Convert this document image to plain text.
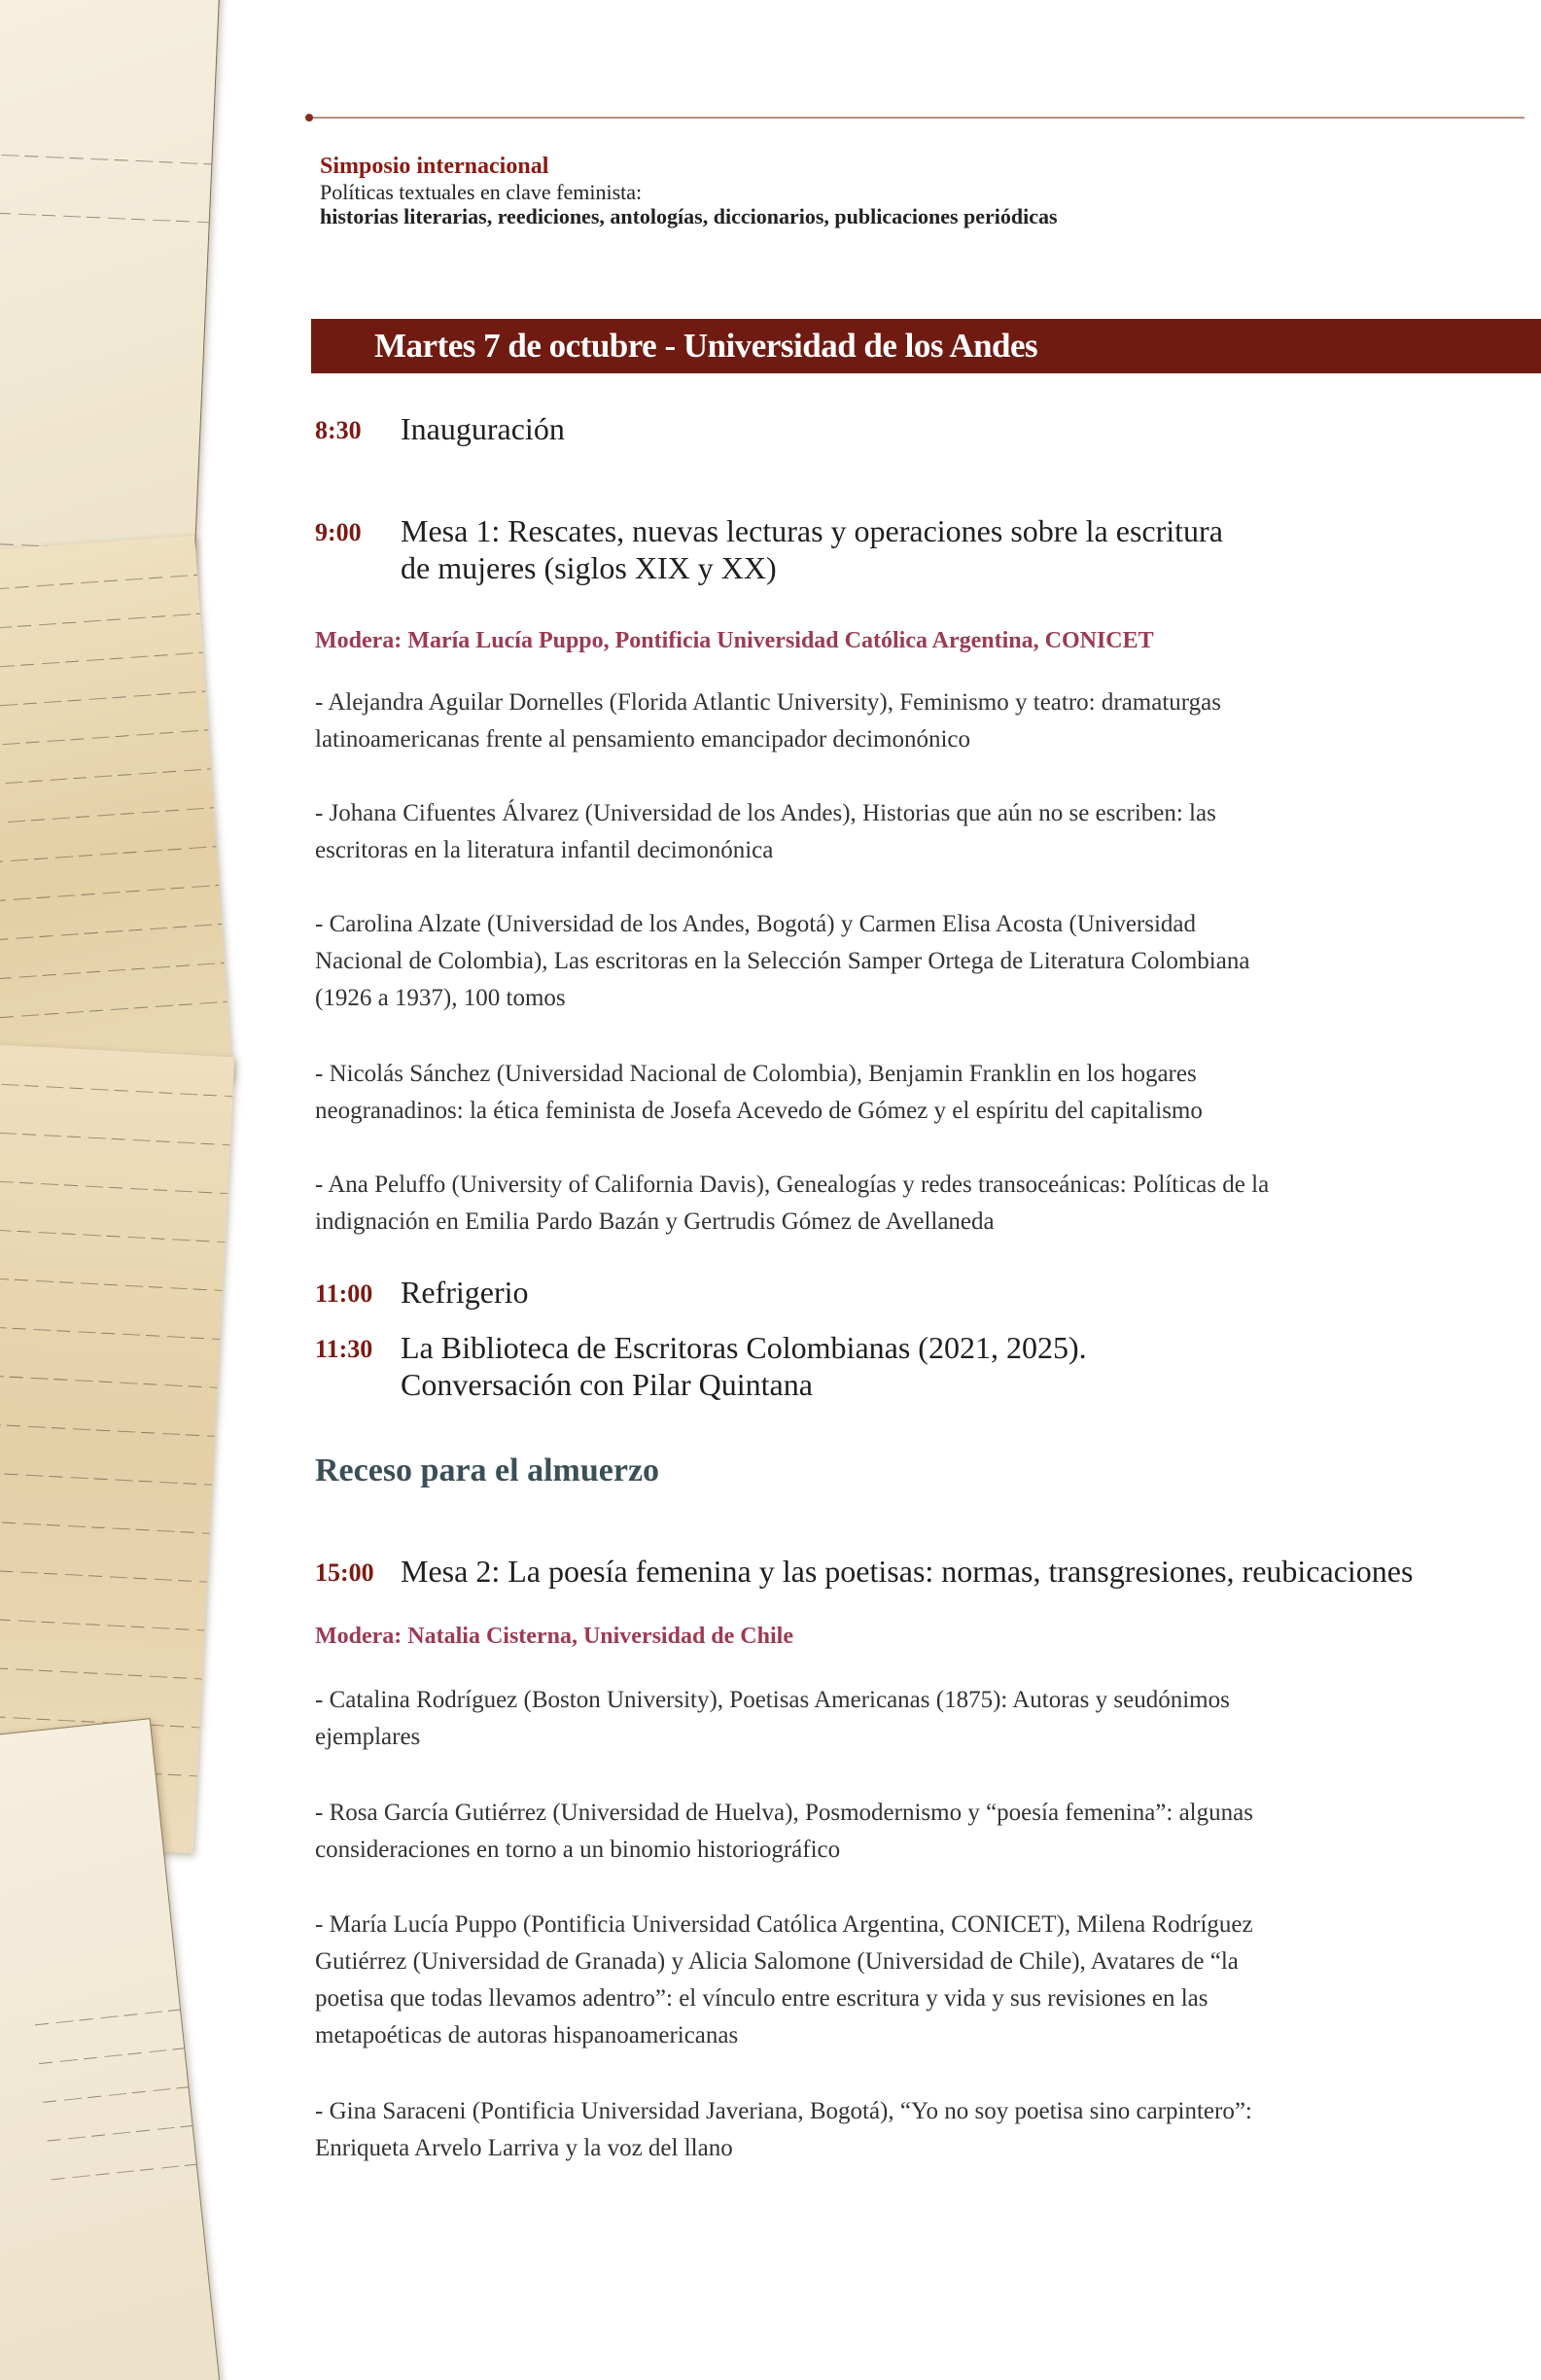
Simposio internacional
Políticas textuales en clave feminista:
historias literarias, reediciones, antologías, diccionarios, publicaciones periódicas
Martes 7 de octubre - Universidad de los Andes
8:30	Inauguración
9:00	Mesa 1: Rescates, nuevas lecturas y operaciones sobre la escritura
de mujeres (siglos XIX y XX)
Modera: María Lucía Puppo, Pontificia Universidad Católica Argentina, CONICET
- Alejandra Aguilar Dornelles (Florida Atlantic University), Feminismo y teatro: dramaturgas
latinoamericanas frente al pensamiento emancipador decimonónico
- Johana Cifuentes Álvarez (Universidad de los Andes), Historias que aún no se escriben: las
escritoras en la literatura infantil decimonónica
- Carolina Alzate (Universidad de los Andes, Bogotá) y Carmen Elisa Acosta (Universidad
Nacional de Colombia), Las escritoras en la Selección Samper Ortega de Literatura Colombiana
(1926 a 1937), 100 tomos
- Nicolás Sánchez (Universidad Nacional de Colombia), Benjamin Franklin en los hogares
neogranadinos: la ética feminista de Josefa Acevedo de Gómez y el espíritu del capitalismo
- Ana Peluffo (University of California Davis), Genealogías y redes transoceánicas: Políticas de la
indignación en Emilia Pardo Bazán y Gertrudis Gómez de Avellaneda
11:00 Refrigerio
11:30 La Biblioteca de Escritoras Colombianas (2021, 2025).
Conversación con Pilar Quintana
Receso para el almuerzo
15:00 Mesa 2: La poesía femenina y las poetisas: normas, transgresiones, reubicaciones
Modera: Natalia Cisterna, Universidad de Chile
- Catalina Rodríguez (Boston University), Poetisas Americanas (1875): Autoras y seudónimos
ejemplares
- Rosa García Gutiérrez (Universidad de Huelva), Posmodernismo y “poesía femenina”: algunas
consideraciones en torno a un binomio historiográfico
- María Lucía Puppo (Pontificia Universidad Católica Argentina, CONICET), Milena Rodríguez
Gutiérrez (Universidad de Granada) y Alicia Salomone (Universidad de Chile), Avatares de “la
poetisa que todas llevamos adentro”: el vínculo entre escritura y vida y sus revisiones en las
metapoéticas de autoras hispanoamericanas
- Gina Saraceni (Pontificia Universidad Javeriana, Bogotá), “Yo no soy poetisa sino carpintero”:
Enriqueta Arvelo Larriva y la voz del llano
